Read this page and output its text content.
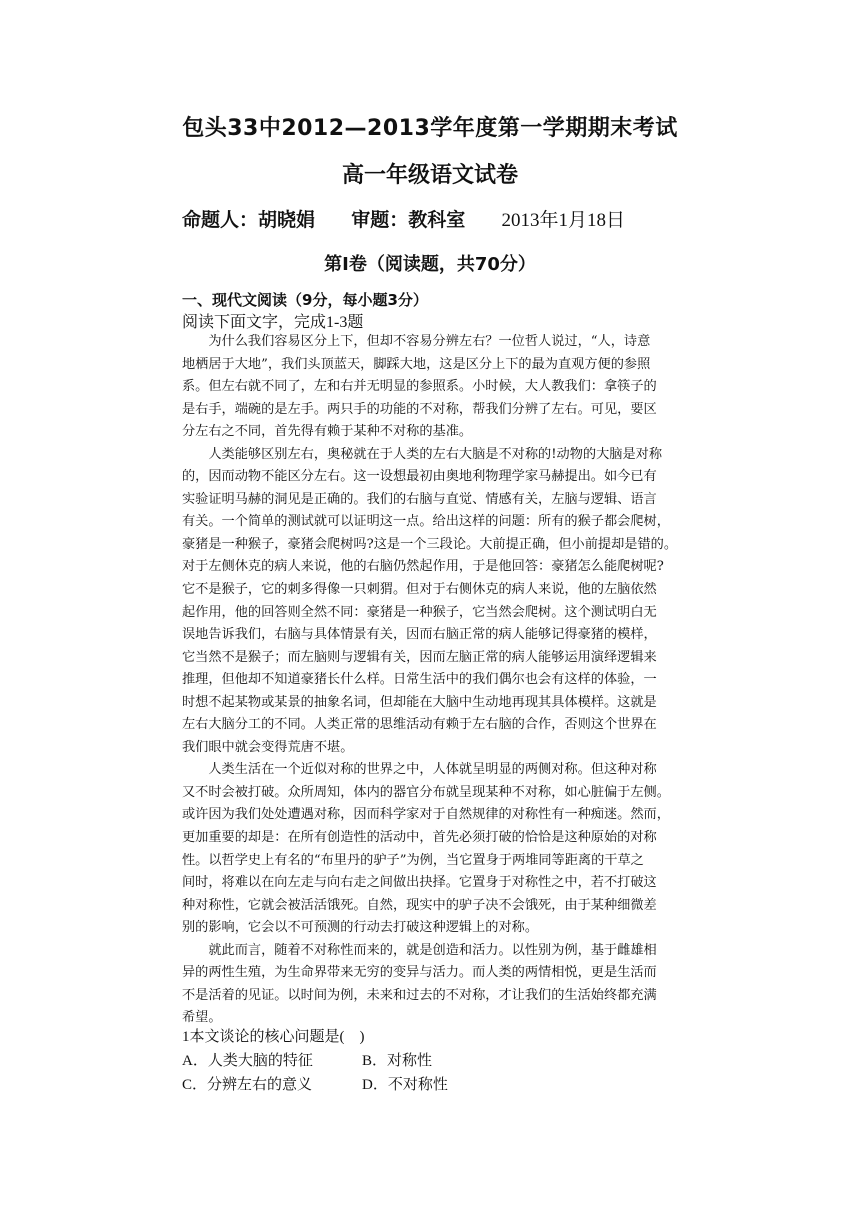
包头33中2012—2013学年度第一学期期末考试
高一年级语文试卷
命题人：胡晓娟 审题：教科室 2013年1月18日
第I卷（阅读题，共70分）
一、现代文阅读（9分，每小题3分）
阅读下面文字，完成1-3题
　　为什么我们容易区分上下，但却不容易分辨左右？一位哲人说过，“人，诗意
地栖居于大地”，我们头顶蓝天，脚踩大地，这是区分上下的最为直观方便的参照
系。但左右就不同了，左和右并无明显的参照系。小时候，大人教我们：拿筷子的
是右手，端碗的是左手。两只手的功能的不对称，帮我们分辨了左右。可见，要区
分左右之不同，首先得有赖于某种不对称的基准。
　　人类能够区别左右，奥秘就在于人类的左右大脑是不对称的!动物的大脑是对称
的，因而动物不能区分左右。这一设想最初由奥地利物理学家马赫提出。如今已有
实验证明马赫的洞见是正确的。我们的右脑与直觉、情感有关，左脑与逻辑、语言
有关。一个简单的测试就可以证明这一点。给出这样的问题：所有的猴子都会爬树，
豪猪是一种猴子，豪猪会爬树吗?这是一个三段论。大前提正确，但小前提却是错的。
对于左侧休克的病人来说，他的右脑仍然起作用，于是他回答：豪猪怎么能爬树呢?
它不是猴子，它的刺多得像一只刺猬。但对于右侧休克的病人来说，他的左脑依然
起作用，他的回答则全然不同：豪猪是一种猴子，它当然会爬树。这个测试明白无
误地告诉我们，右脑与具体情景有关，因而右脑正常的病人能够记得豪猪的模样，
它当然不是猴子；而左脑则与逻辑有关，因而左脑正常的病人能够运用演绎逻辑来
推理，但他却不知道豪猪长什么样。日常生活中的我们偶尔也会有这样的体验，一
时想不起某物或某景的抽象名词，但却能在大脑中生动地再现其具体模样。这就是
左右大脑分工的不同。人类正常的思维活动有赖于左右脑的合作，否则这个世界在
我们眼中就会变得荒唐不堪。
　　人类生活在一个近似对称的世界之中，人体就呈明显的两侧对称。但这种对称
又不时会被打破。众所周知，体内的器官分布就呈现某种不对称，如心脏偏于左侧。
或许因为我们处处遭遇对称，因而科学家对于自然规律的对称性有一种痴迷。然而，
更加重要的却是：在所有创造性的活动中，首先必须打破的恰恰是这种原始的对称
性。以哲学史上有名的“布里丹的驴子”为例，当它置身于两堆同等距离的干草之
间时，将难以在向左走与向右走之间做出抉择。它置身于对称性之中，若不打破这
种对称性，它就会被活活饿死。自然，现实中的驴子决不会饿死，由于某种细微差
别的影响，它会以不可预测的行动去打破这种逻辑上的对称。
　　就此而言，随着不对称性而来的，就是创造和活力。以性别为例，基于雌雄相
异的两性生殖，为生命界带来无穷的变异与活力。而人类的两情相悦，更是生活而
不是活着的见证。以时间为例，未来和过去的不对称，才让我们的生活始终都充满
希望。
1本文谈论的核心问题是(　)
A．人类大脑的特征	B．对称性
C．分辨左右的意义	D．不对称性
